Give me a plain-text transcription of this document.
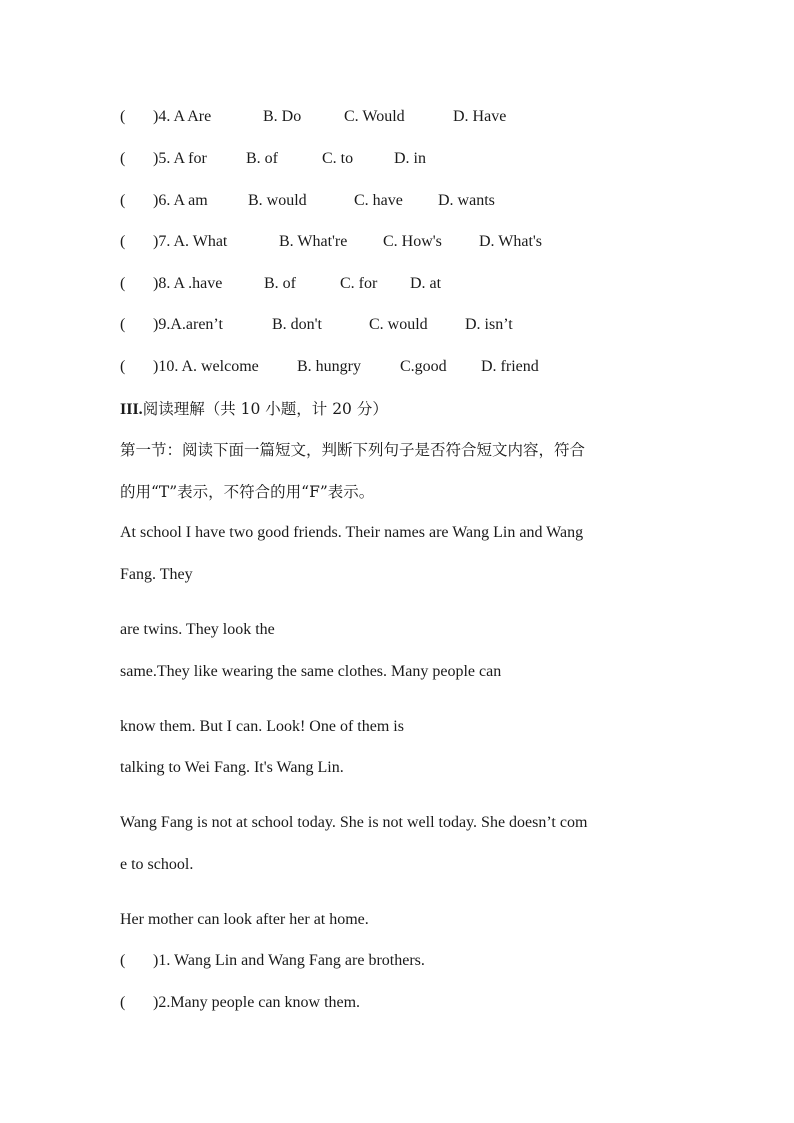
( )4. A Are	B. Do	C. Would	D. Have
( )5. A for B. of	C. to	D. in
( )6. A am	B. would	C. have D. wants
( )7. A. What	B. What're C. How's D. What's
( )8. A .have	B. of	C. for D. at
( )9.A.aren’t	B. don't	C. would D. isn’t
( )10. A. welcome B. hungry C.good D. friend
III.阅读理解（共 10 小题，计 20 分）
第一节：阅读下面一篇短文，判断下列句子是否符合短文内容，符合
的用“T”表示，不符合的用“F”表示。
At school I have two good friends. Their names are Wang Lin and Wang
Fang. They
are twins. They look the
same.They like wearing the same clothes. Many people can
know them. But I can. Look! One of them is
talking to Wei Fang. It's Wang Lin.
Wang Fang is not at school today. She is not well today. She doesn’t com
e to school.
Her mother can look after her at home.
( )1. Wang Lin and Wang Fang are brothers.
( )2.Many people can know them.
